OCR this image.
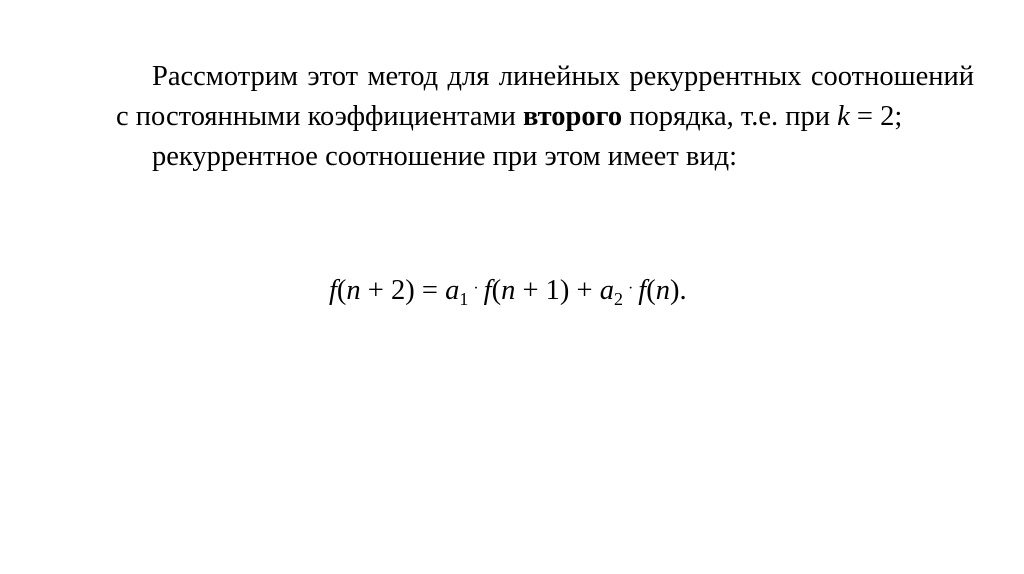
Рассмотрим этот метод для линейных рекуррентных соотношений с постоянными коэффициентами второго порядка, т.е. при k = 2;

рекуррентное соотношение при этом имеет вид:

$f(n + 2) = a_1\cdot f(n + 1) + a_2\cdot f(n)$.
